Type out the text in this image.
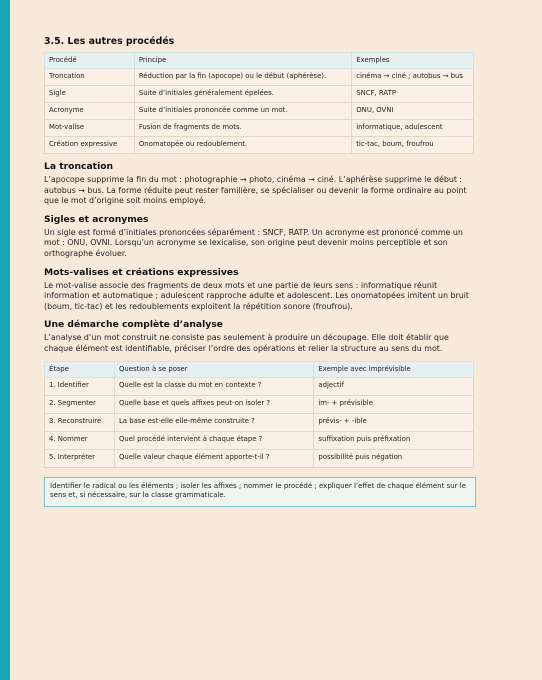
3.5. Les autres procédés
Procédé	Principe	Exemples
Troncation	Réduction par la fin (apocope) ou le début (aphérèse).	cinéma → ciné ; autobus → bus
Sigle	Suite d’initiales généralement épelées.	SNCF, RATP
Acronyme	Suite d’initiales prononcée comme un mot.	ONU, OVNI
Mot-valise	Fusion de fragments de mots.	informatique, adulescent
Création expressive	Onomatopée ou redoublement.	tic-tac, boum, froufrou
La troncation

L’apocope supprime la fin du mot : photographie → photo, cinéma → ciné. L’aphérèse supprime le début : autobus → bus. La forme réduite peut rester familière, se spécialiser ou devenir la forme ordinaire au point que le mot d’origine soit moins employé.

Sigles et acronymes

Un sigle est formé d’initiales prononcées séparément : SNCF, RATP. Un acronyme est prononcé comme un mot : ONU, OVNI. Lorsqu’un acronyme se lexicalise, son origine peut devenir moins perceptible et son orthographe évoluer.

Mots-valises et créations expressives

Le mot-valise associe des fragments de deux mots et une partie de leurs sens : informatique réunit information et automatique ; adulescent rapproche adulte et adolescent. Les onomatopées imitent un bruit (boum, tic-tac) et les redoublements exploitent la répétition sonore (froufrou).

Une démarche complète d’analyse

L’analyse d’un mot construit ne consiste pas seulement à produire un découpage. Elle doit établir que chaque élément est identifiable, préciser l’ordre des opérations et relier la structure au sens du mot.

Étape	Question à se poser	Exemple avec imprévisible
1. Identifier	Quelle est la classe du mot en contexte ?	adjectif
2. Segmenter	Quelle base et quels affixes peut-on isoler ?	im- + prévisible
3. Reconstruire	La base est-elle elle-même construite ?	prévis- + -ible
4. Nommer	Quel procédé intervient à chaque étape ?	suffixation puis préfixation
5. Interpréter	Quelle valeur chaque élément apporte-t-il ?	possibilité puis négation
Identifier le radical ou les éléments ; isoler les affixes ; nommer le procédé ; expliquer l’effet de chaque élément sur le sens et, si nécessaire, sur la classe grammaticale.
